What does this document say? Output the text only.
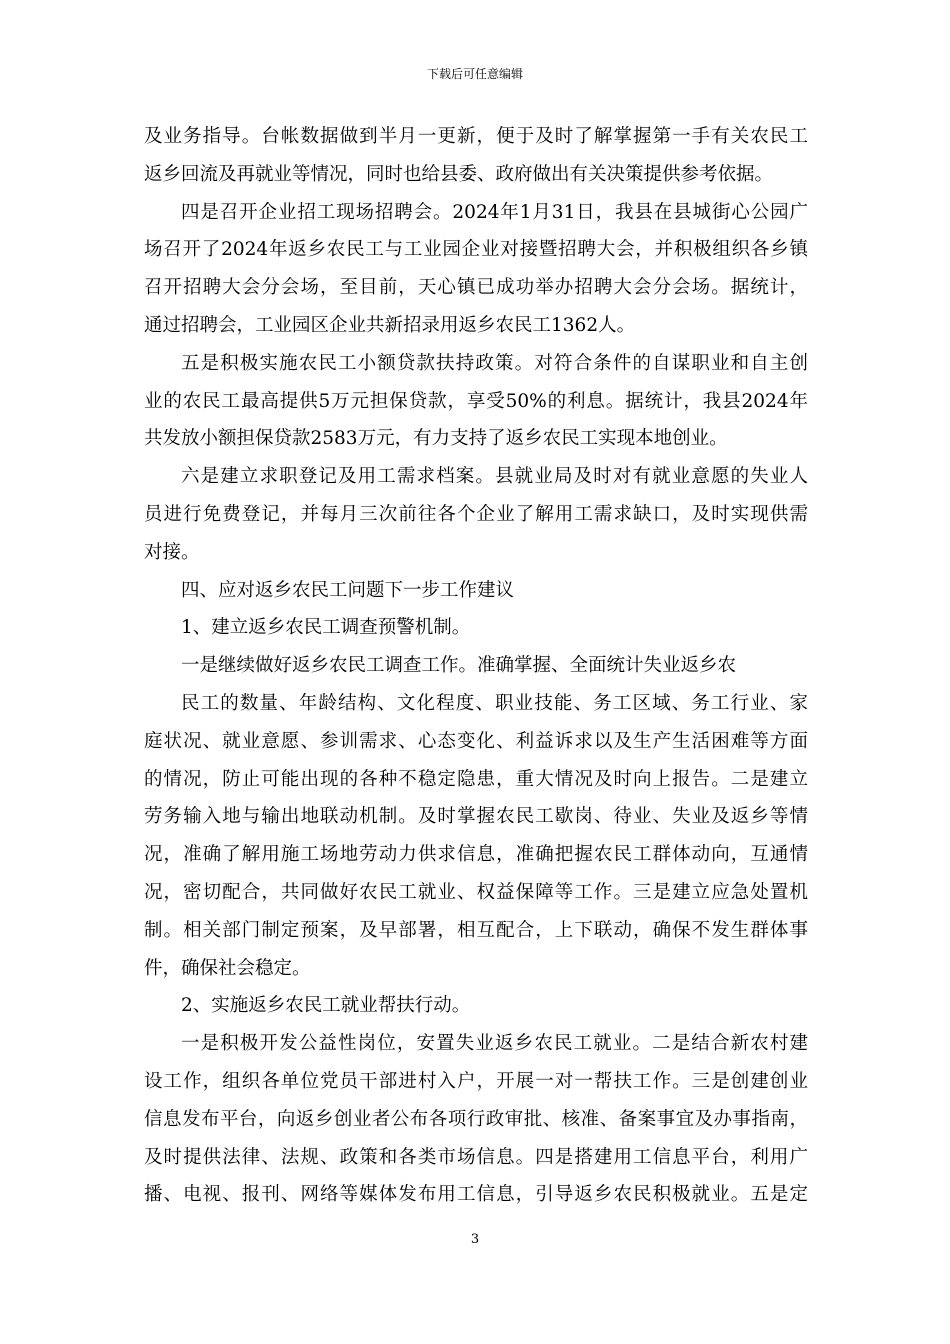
下载后可任意编辑
及业务指导。台帐数据做到半月一更新，便于及时了解掌握第一手有关农民工
返乡回流及再就业等情况，同时也给县委、政府做出有关决策提供参考依据。
四是召开企业招工现场招聘会。2024年1月31日，我县在县城街心公园广
场召开了2024年返乡农民工与工业园企业对接暨招聘大会，并积极组织各乡镇
召开招聘大会分会场，至目前，天心镇已成功举办招聘大会分会场。据统计，
通过招聘会，工业园区企业共新招录用返乡农民工1362人。
五是积极实施农民工小额贷款扶持政策。对符合条件的自谋职业和自主创
业的农民工最高提供5万元担保贷款，享受50%的利息。据统计，我县2024年
共发放小额担保贷款2583万元，有力支持了返乡农民工实现本地创业。
六是建立求职登记及用工需求档案。县就业局及时对有就业意愿的失业人
员进行免费登记，并每月三次前往各个企业了解用工需求缺口，及时实现供需
对接。
四、应对返乡农民工问题下一步工作建议
1、建立返乡农民工调查预警机制。
一是继续做好返乡农民工调查工作。准确掌握、全面统计失业返乡农
民工的数量、年龄结构、文化程度、职业技能、务工区域、务工行业、家
庭状况、就业意愿、参训需求、心态变化、利益诉求以及生产生活困难等方面
的情况，防止可能出现的各种不稳定隐患，重大情况及时向上报告。二是建立
劳务输入地与输出地联动机制。及时掌握农民工歇岗、待业、失业及返乡等情
况，准确了解用施工场地劳动力供求信息，准确把握农民工群体动向，互通情
况，密切配合，共同做好农民工就业、权益保障等工作。三是建立应急处置机
制。相关部门制定预案，及早部署，相互配合，上下联动，确保不发生群体事
件，确保社会稳定。
2、实施返乡农民工就业帮扶行动。
一是积极开发公益性岗位，安置失业返乡农民工就业。二是结合新农村建
设工作，组织各单位党员干部进村入户，开展一对一帮扶工作。三是创建创业
信息发布平台，向返乡创业者公布各项行政审批、核准、备案事宜及办事指南，
及时提供法律、法规、政策和各类市场信息。四是搭建用工信息平台，利用广
播、电视、报刊、网络等媒体发布用工信息，引导返乡农民积极就业。五是定
3
